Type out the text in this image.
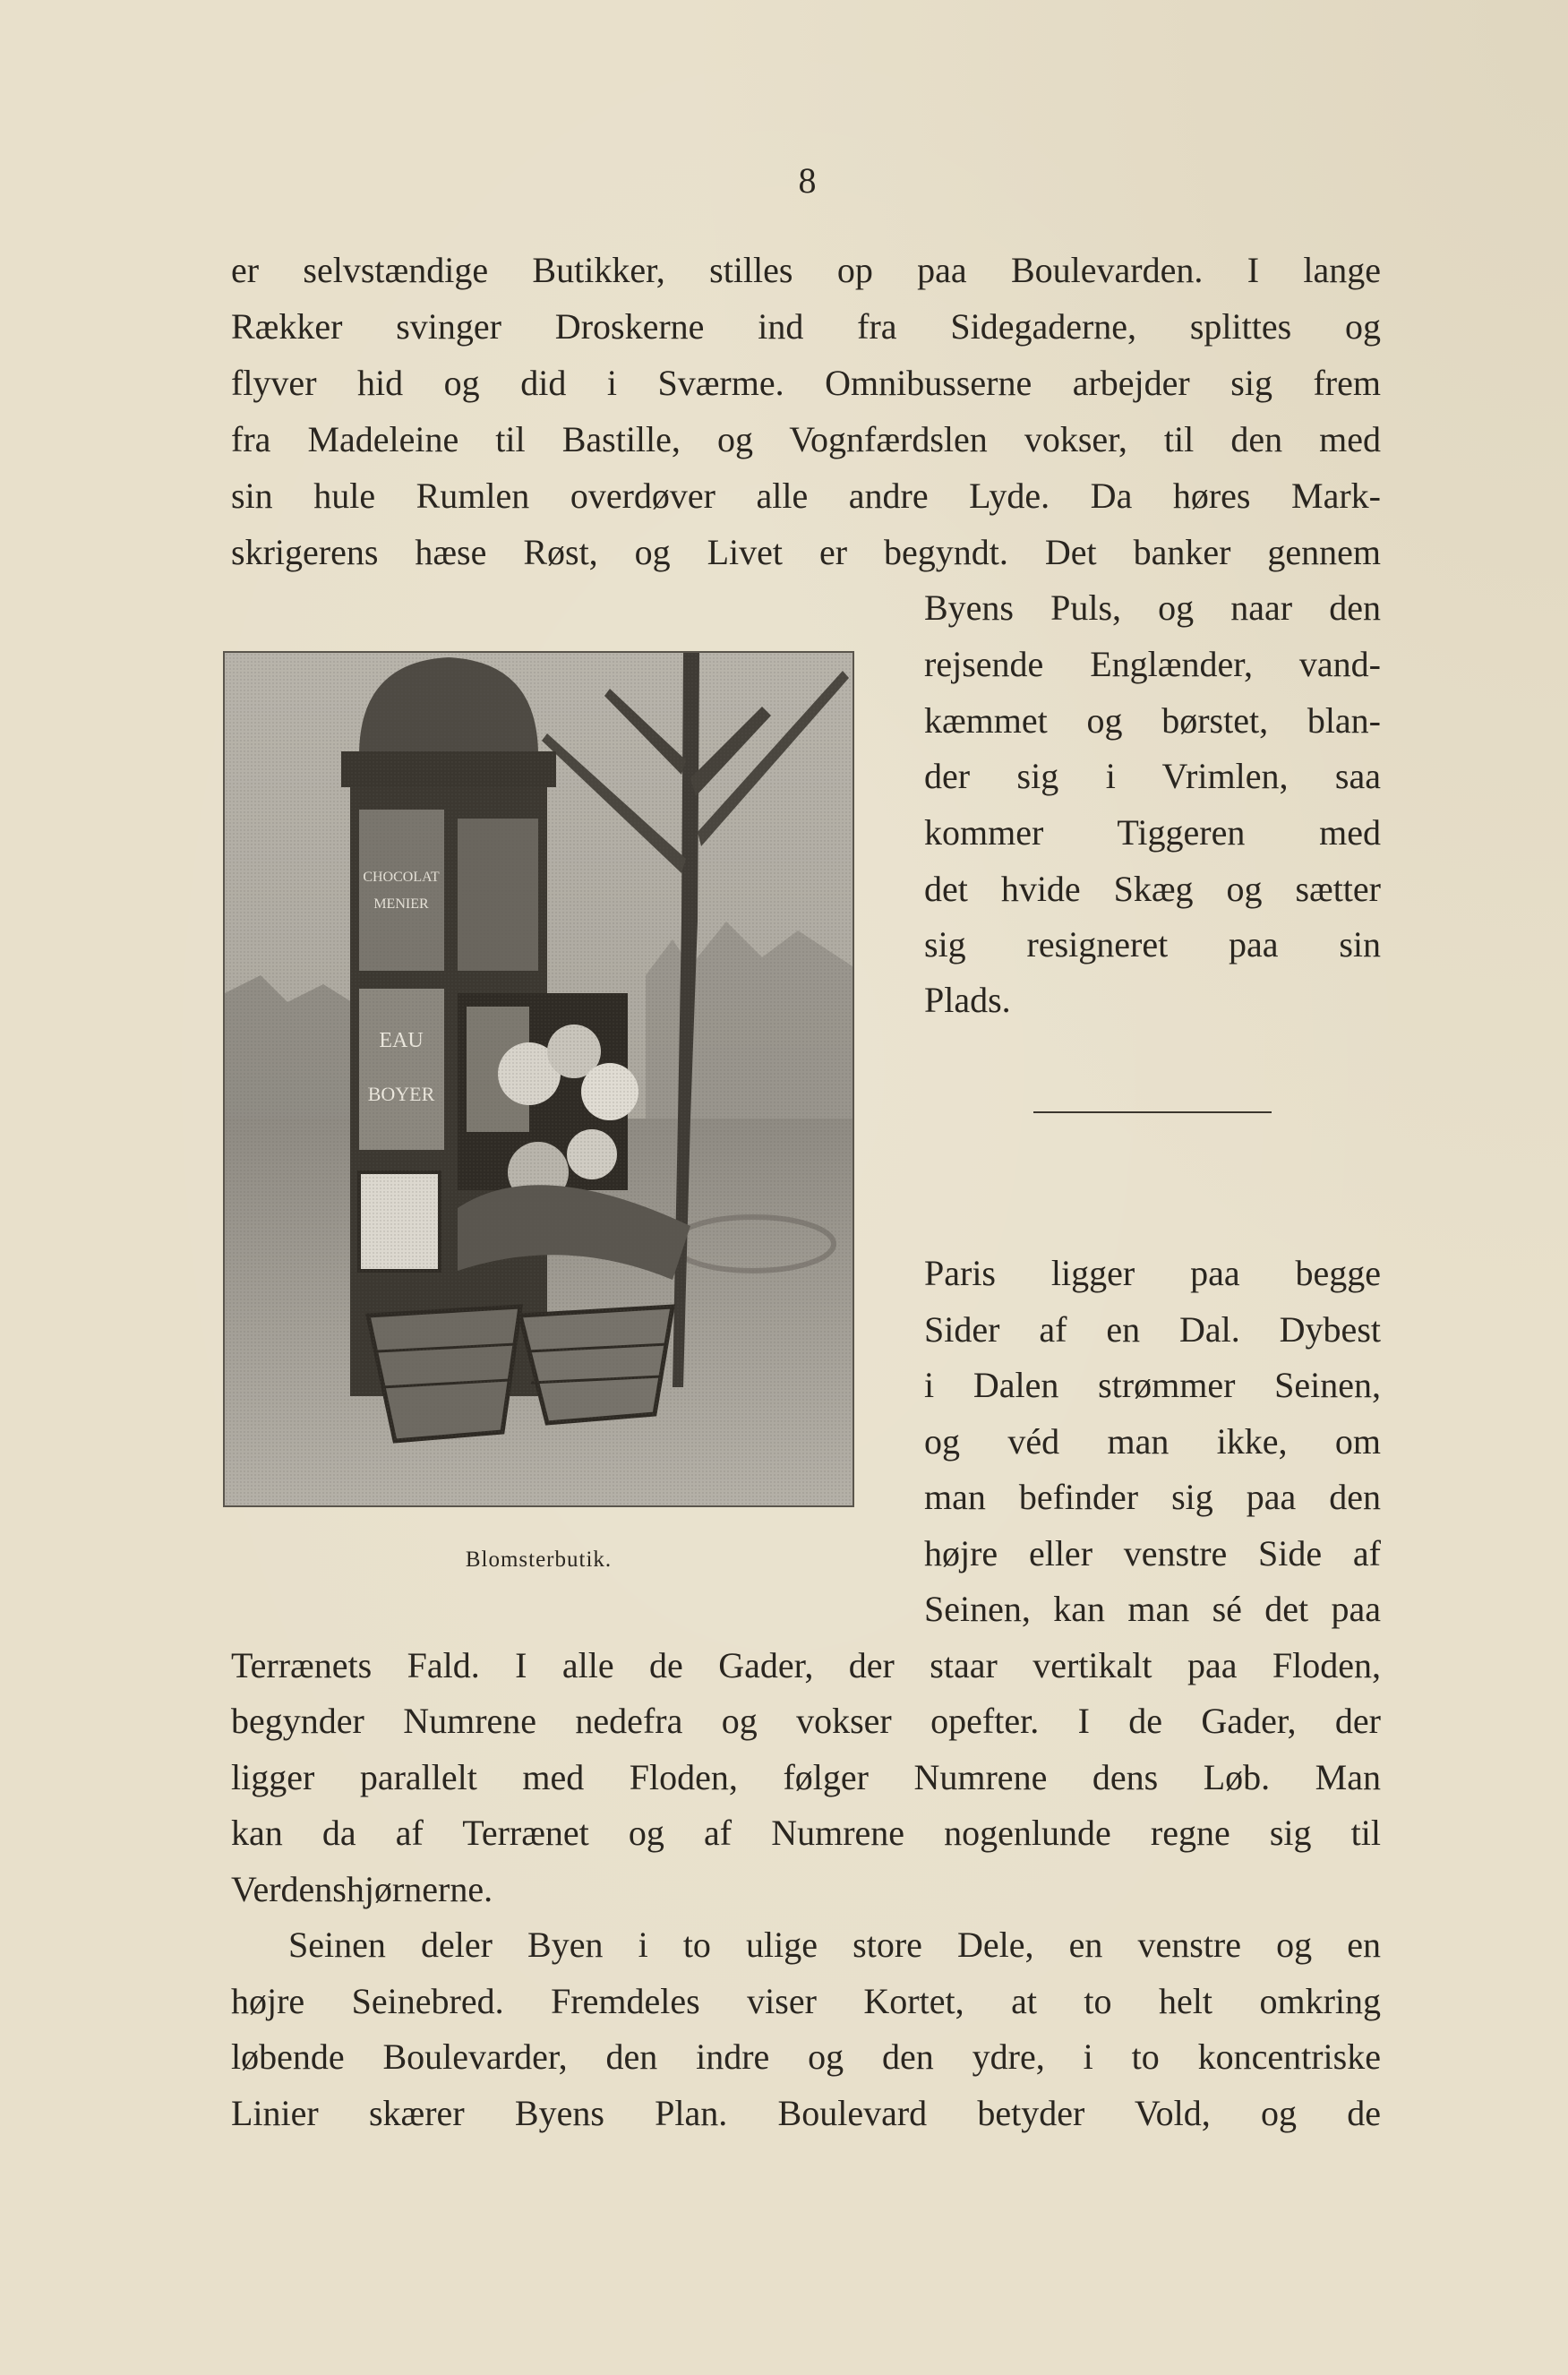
8
er selvstændige Butikker, stilles op paa Boulevarden. I lange
Rækker svinger Droskerne ind fra Sidegaderne, splittes og
flyver hid og did i Sværme. Omnibusserne arbejder sig frem
fra Madeleine til Bastille, og Vognfærdslen vokser, til den med
sin hule Rumlen overdøver alle andre Lyde. Da høres Mark-
skrigerens hæse Røst, og Livet er begyndt. Det banker gennem
Byens Puls, og naar den
rejsende Englænder, vand-
kæmmet og børstet, blan-
der sig i Vrimlen, saa
kommer Tiggeren med
det hvide Skæg og sætter
sig resigneret paa sin
Plads.
Paris ligger paa begge
Sider af en Dal. Dybest
i Dalen strømmer Seinen,
og véd man ikke, om
man befinder sig paa den
højre eller venstre Side af
Seinen, kan man sé det paa
Terrænets Fald. I alle de Gader, der staar vertikalt paa Floden,
begynder Numrene nedefra og vokser opefter. I de Gader, der
ligger parallelt med Floden, følger Numrene dens Løb. Man
kan da af Terrænet og af Numrene nogenlunde regne sig til
Verdenshjørnerne.
Seinen deler Byen i to ulige store Dele, en venstre og en
højre Seinebred. Fremdeles viser Kortet, at to helt omkring
løbende Boulevarder, den indre og den ydre, i to koncentriske
Linier skærer Byens Plan. Boulevard betyder Vold, og de
Blomsterbutik.
